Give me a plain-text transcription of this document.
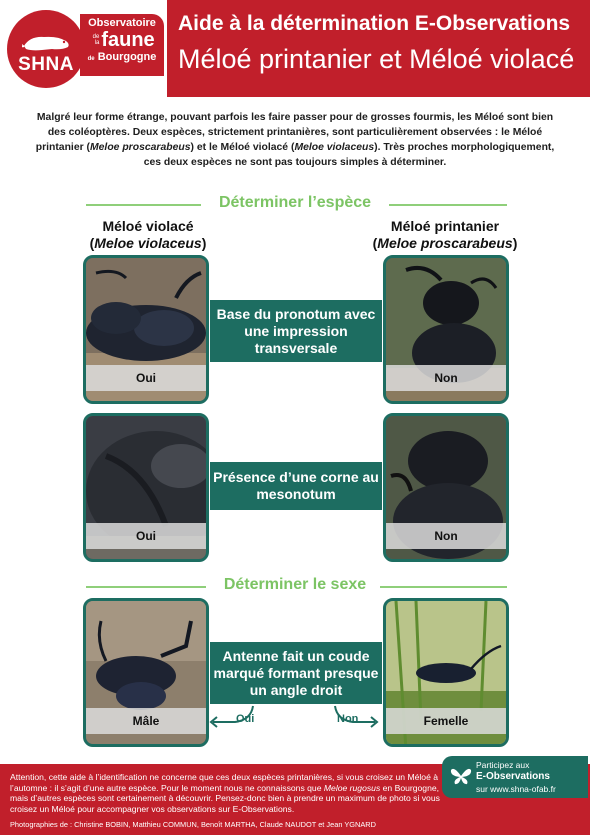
SHNA
Observatoire
de la faune
de Bourgogne
Aide à la détermination E-Observations
Méloé printanier et Méloé violacé

Malgré leur forme étrange, pouvant parfois les faire passer pour de grosses fourmis, les Méloé sont bien des coléoptères. Deux espèces, strictement printanières, sont particulièrement observées : le Méloé printanier (Meloe proscarabeus) et le Méloé violacé (Meloe violaceus). Très proches morphologiquement, ces deux espèces ne sont pas toujours simples à déterminer.

Déterminer l’espèce
Méloé violacé
(Meloe violaceus)
Méloé printanier
(Meloe proscarabeus)
Oui
Base du pronotum avec une impression transversale
Non
Oui
Présence d’une corne au mesonotum
Non
Déterminer le sexe
Mâle
Antenne fait un coude marqué formant presque un angle droit
Femelle
Oui	Non

Attention, cette aide à l’identification ne concerne que ces deux espèces printanières, si vous croisez un Méloé à l’automne : il s’agit d’une autre espèce. Pour le moment nous ne connaissons que Meloe rugosus en Bourgogne, mais d’autres espèces sont certainement à découvrir. Pensez-donc bien à prendre un maximum de photo si vous croisez un Méloé pour accompagner vos observations sur E-Observations.

Photographies de : Christine BOBIN, Matthieu COMMUN, Benoît MARTHA, Claude NAUDOT et Jean YGNARD
Participez aux
E-Observations
sur www.shna-ofab.fr
